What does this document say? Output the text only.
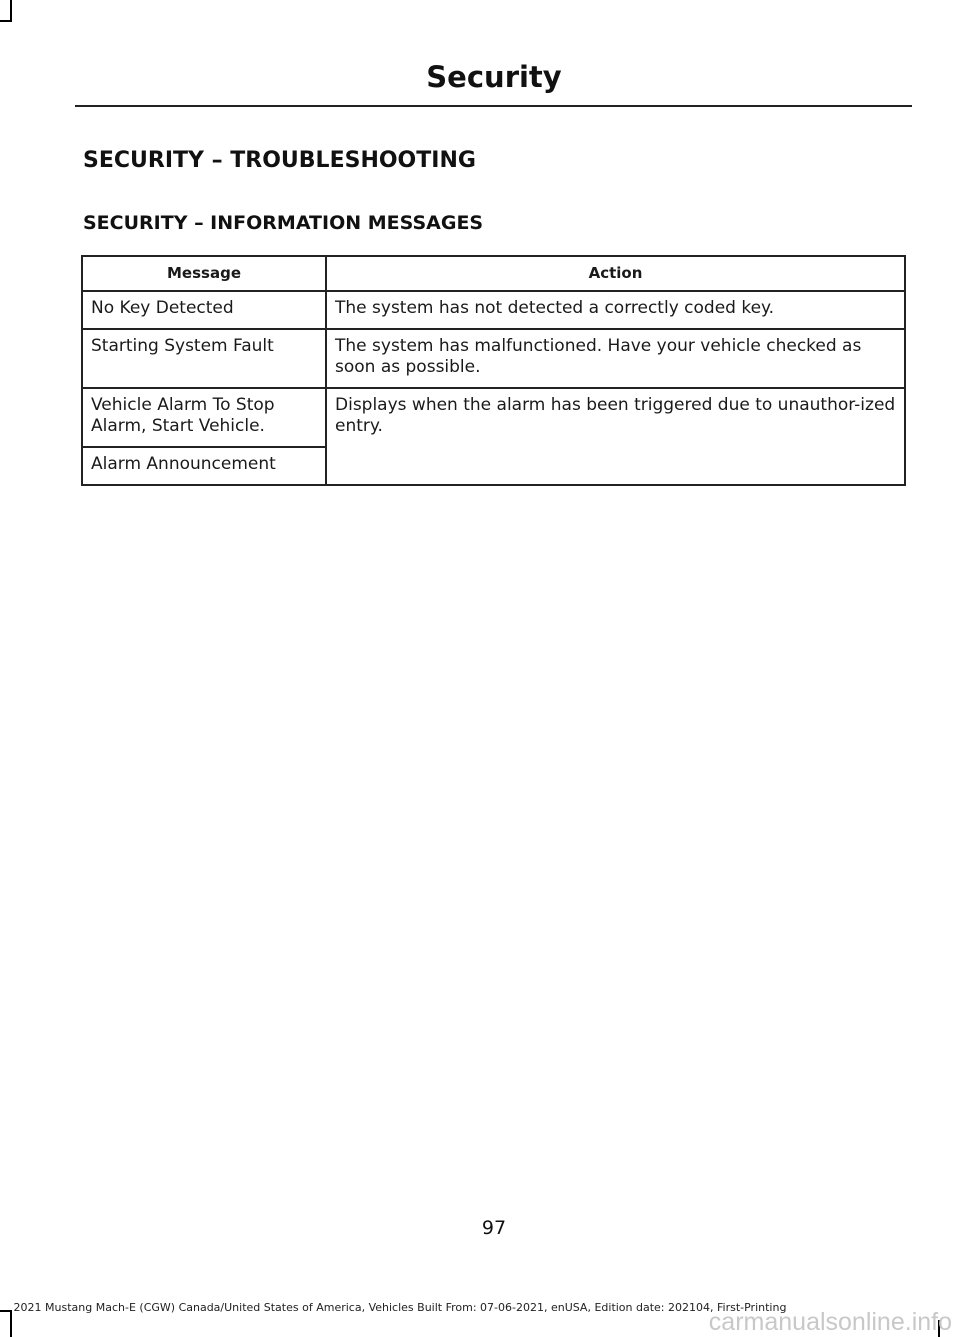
Security
SECURITY – TROUBLESHOOTING
SECURITY – INFORMATION MESSAGES
Message	Action
No Key Detected	The system has not detected a correctly coded key.
Starting System Fault	The system has malfunctioned. Have your vehicle checked as soon as possible.
Vehicle Alarm To Stop Alarm, Start Vehicle.	Displays when the alarm has been triggered due to unauthor-ized entry.
Alarm Announcement	
97
2021 Mustang Mach-E (CGW) Canada/United States of America, Vehicles Built From: 07-06-2021, enUSA, Edition date: 202104, First-Printing
carmanualsonline.info
